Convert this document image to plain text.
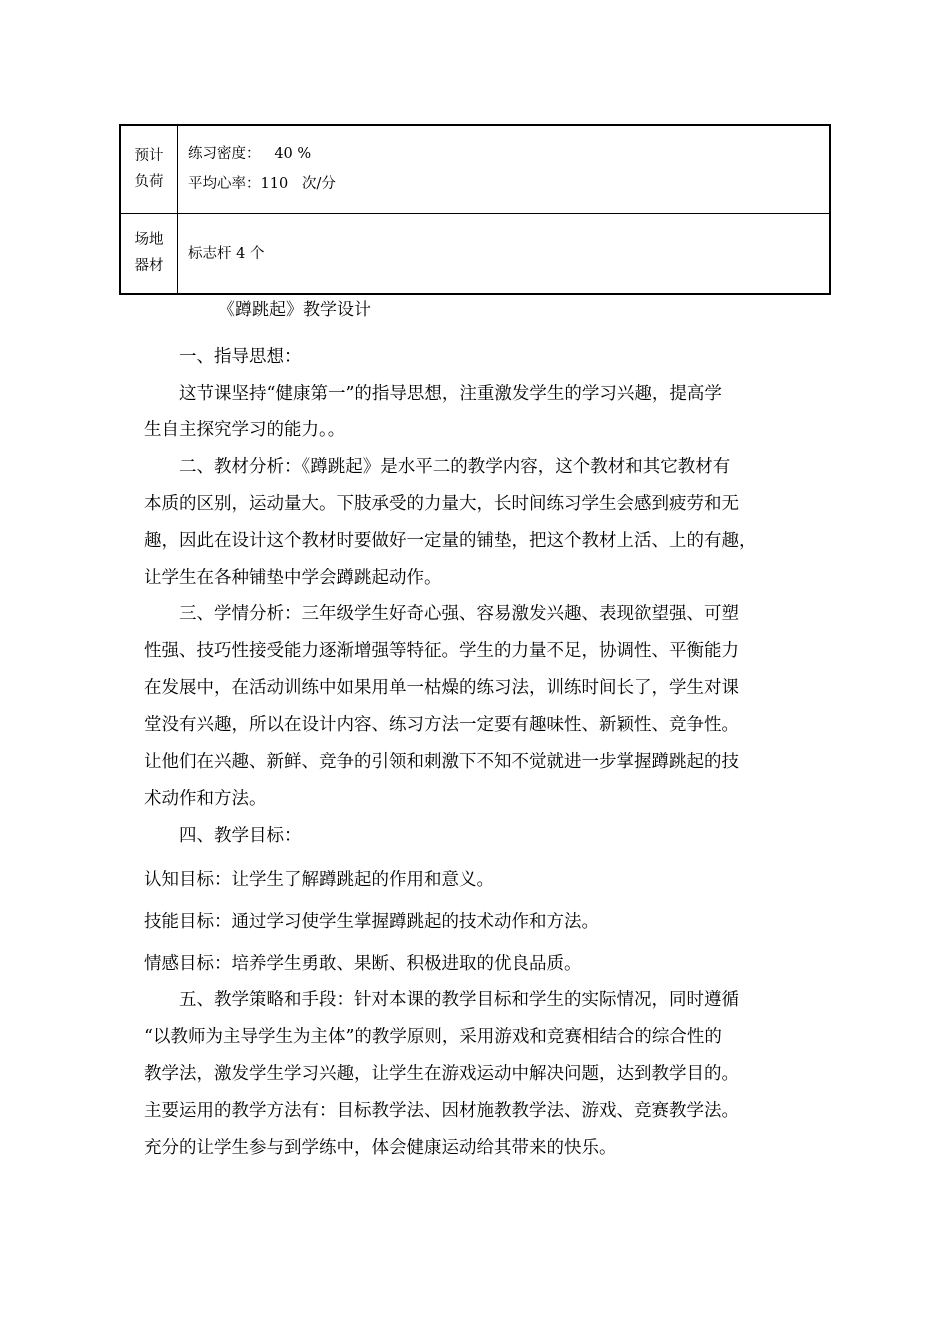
预计
负荷
练习密度：   40 %
平均心率：110   次/分
场地
器材
标志杆 4 个
《蹲跳起》教学设计
一、指导思想：
这节课坚持“健康第一”的指导思想，注重激发学生的学习兴趣，提高学
生自主探究学习的能力。。
二、教材分析：《蹲跳起》是水平二的教学内容，这个教材和其它教材有
本质的区别，运动量大。下肢承受的力量大，长时间练习学生会感到疲劳和无
趣，因此在设计这个教材时要做好一定量的铺垫，把这个教材上活、上的有趣，
让学生在各种铺垫中学会蹲跳起动作。
三、学情分析：三年级学生好奇心强、容易激发兴趣、表现欲望强、可塑
性强、技巧性接受能力逐渐增强等特征。学生的力量不足，协调性、平衡能力
在发展中，在活动训练中如果用单一枯燥的练习法，训练时间长了，学生对课
堂没有兴趣，所以在设计内容、练习方法一定要有趣味性、新颖性、竞争性。
让他们在兴趣、新鲜、竞争的引领和刺激下不知不觉就进一步掌握蹲跳起的技
术动作和方法。
四、教学目标：
认知目标：让学生了解蹲跳起的作用和意义。
技能目标：通过学习使学生掌握蹲跳起的技术动作和方法。
情感目标：培养学生勇敢、果断、积极进取的优良品质。
五、教学策略和手段：针对本课的教学目标和学生的实际情况，同时遵循
“以教师为主导学生为主体”的教学原则，采用游戏和竞赛相结合的综合性的
教学法，激发学生学习兴趣，让学生在游戏运动中解决问题，达到教学目的。
主要运用的教学方法有：目标教学法、因材施教教学法、游戏、竞赛教学法。
充分的让学生参与到学练中，体会健康运动给其带来的快乐。
